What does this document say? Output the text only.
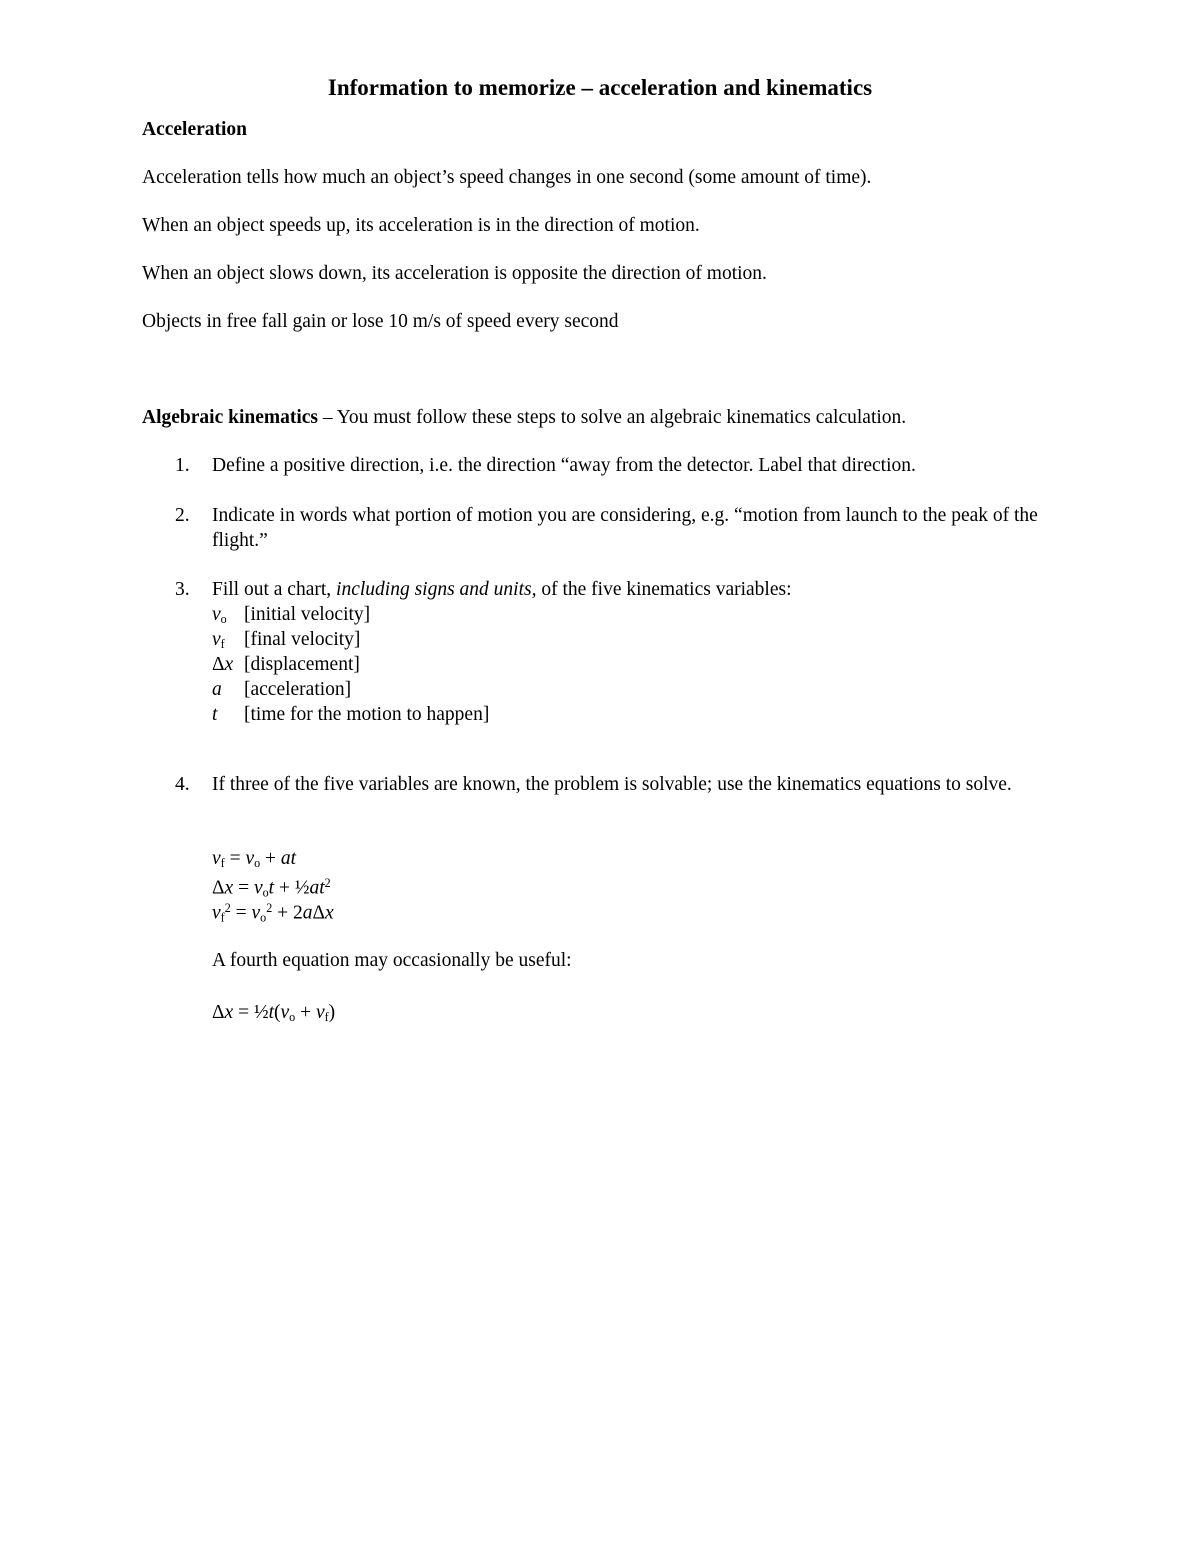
Information to memorize – acceleration and kinematics
Acceleration
Acceleration tells how much an object’s speed changes in one second (some amount of time).
When an object speeds up, its acceleration is in the direction of motion.
When an object slows down, its acceleration is opposite the direction of motion.
Objects in free fall gain or lose 10 m/s of speed every second
Algebraic kinematics – You must follow these steps to solve an algebraic kinematics calculation.
1. Define a positive direction, i.e. the direction “away from the detector. Label that direction.
2. Indicate in words what portion of motion you are considering, e.g. “motion from launch to the peak of the flight.”
3. Fill out a chart, including signs and units, of the five kinematics variables:
$v_o$ [initial velocity]
$v_f$ [final velocity]
Δx [displacement]
a [acceleration]
t [time for the motion to happen]
4. If three of the five variables are known, the problem is solvable; use the kinematics equations to solve.
$v_f = v_o$ + at
$\Delta x = v_ot$ + $\frac{1}{2}at^2$
$v_f^2 = v_o^2 + 2a\Delta x$
A fourth equation may occasionally be useful:
$\Delta x = \frac{1}{2}t(v_o + v_f)$
